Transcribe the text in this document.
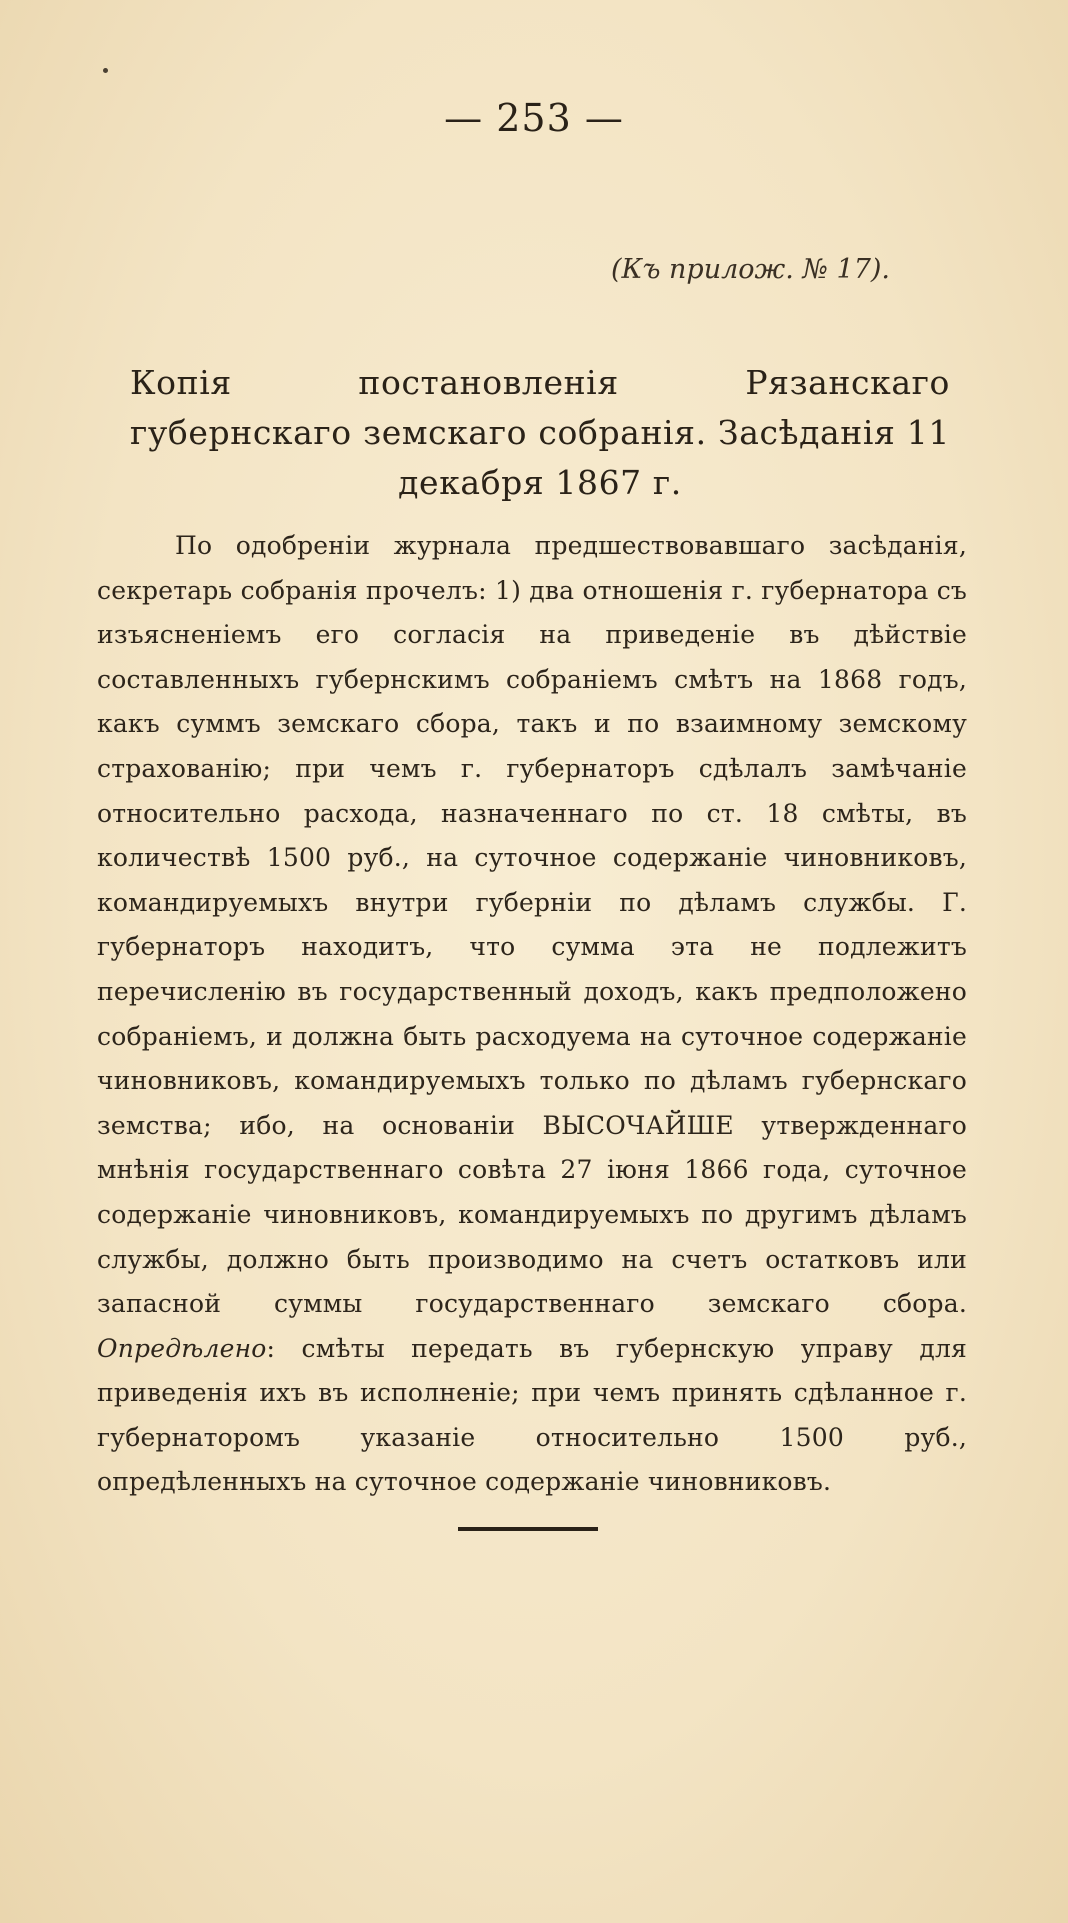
— 253 —
(Къ прилож. № 17).
Копія постановленія Рязанскаго губернскаго земскаго собранія. Засѣданія 11 декабря 1867 г.
По одобреніи журнала предшествовавшаго засѣданія, секретарь собранія прочелъ: 1) два отношенія г. губернатора съ изъясненіемъ его согласія на приведеніе въ дѣйствіе составленныхъ губернскимъ собраніемъ смѣтъ на 1868 годъ, какъ суммъ земскаго сбора, такъ и по взаимному земскому страхованію; при чемъ г. губернаторъ сдѣлалъ замѣчаніе относительно расхода, назначеннаго по ст. 18 смѣты, въ количествѣ 1500 руб., на суточное содержаніе чиновниковъ, командируемыхъ внутри губерніи по дѣламъ службы. Г. губернаторъ находитъ, что сумма эта не подлежитъ перечисленію въ государственный доходъ, какъ предположено собраніемъ, и должна быть расходуема на суточное содержаніе чиновниковъ, командируемыхъ только по дѣламъ губернскаго земства; ибо, на основаніи ВЫСОЧАЙШЕ утвержденнаго мнѣнія государственнаго совѣта 27 іюня 1866 года, суточное содержаніе чиновниковъ, командируемыхъ по другимъ дѣламъ службы, должно быть производимо на счетъ остатковъ или запасной суммы государственнаго земскаго сбора. Опредѣлено: смѣты передать въ губернскую управу для приведенія ихъ въ исполненіе; при чемъ принять сдѣланное г. губернаторомъ указаніе относительно 1500 руб., опредѣленныхъ на суточное содержаніе чиновниковъ.
